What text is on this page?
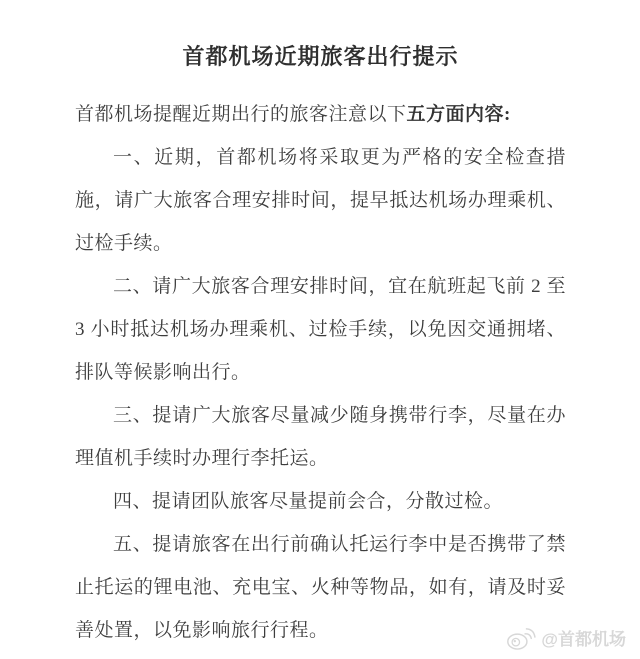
首都机场近期旅客出行提示

首都机场提醒近期出行的旅客注意以下五方面内容:

一、近期，首都机场将采取更为严格的安全检查措施，请广大旅客合理安排时间，提早抵达机场办理乘机、过检手续。

二、请广大旅客合理安排时间，宜在航班起飞前 2 至 3 小时抵达机场办理乘机、过检手续，以免因交通拥堵、排队等候影响出行。

三、提请广大旅客尽量减少随身携带行李，尽量在办理值机手续时办理行李托运。

四、提请团队旅客尽量提前会合，分散过检。

五、提请旅客在出行前确认托运行李中是否携带了禁止托运的锂电池、充电宝、火种等物品，如有，请及时妥善处置，以免影响旅行行程。	@首都机场
